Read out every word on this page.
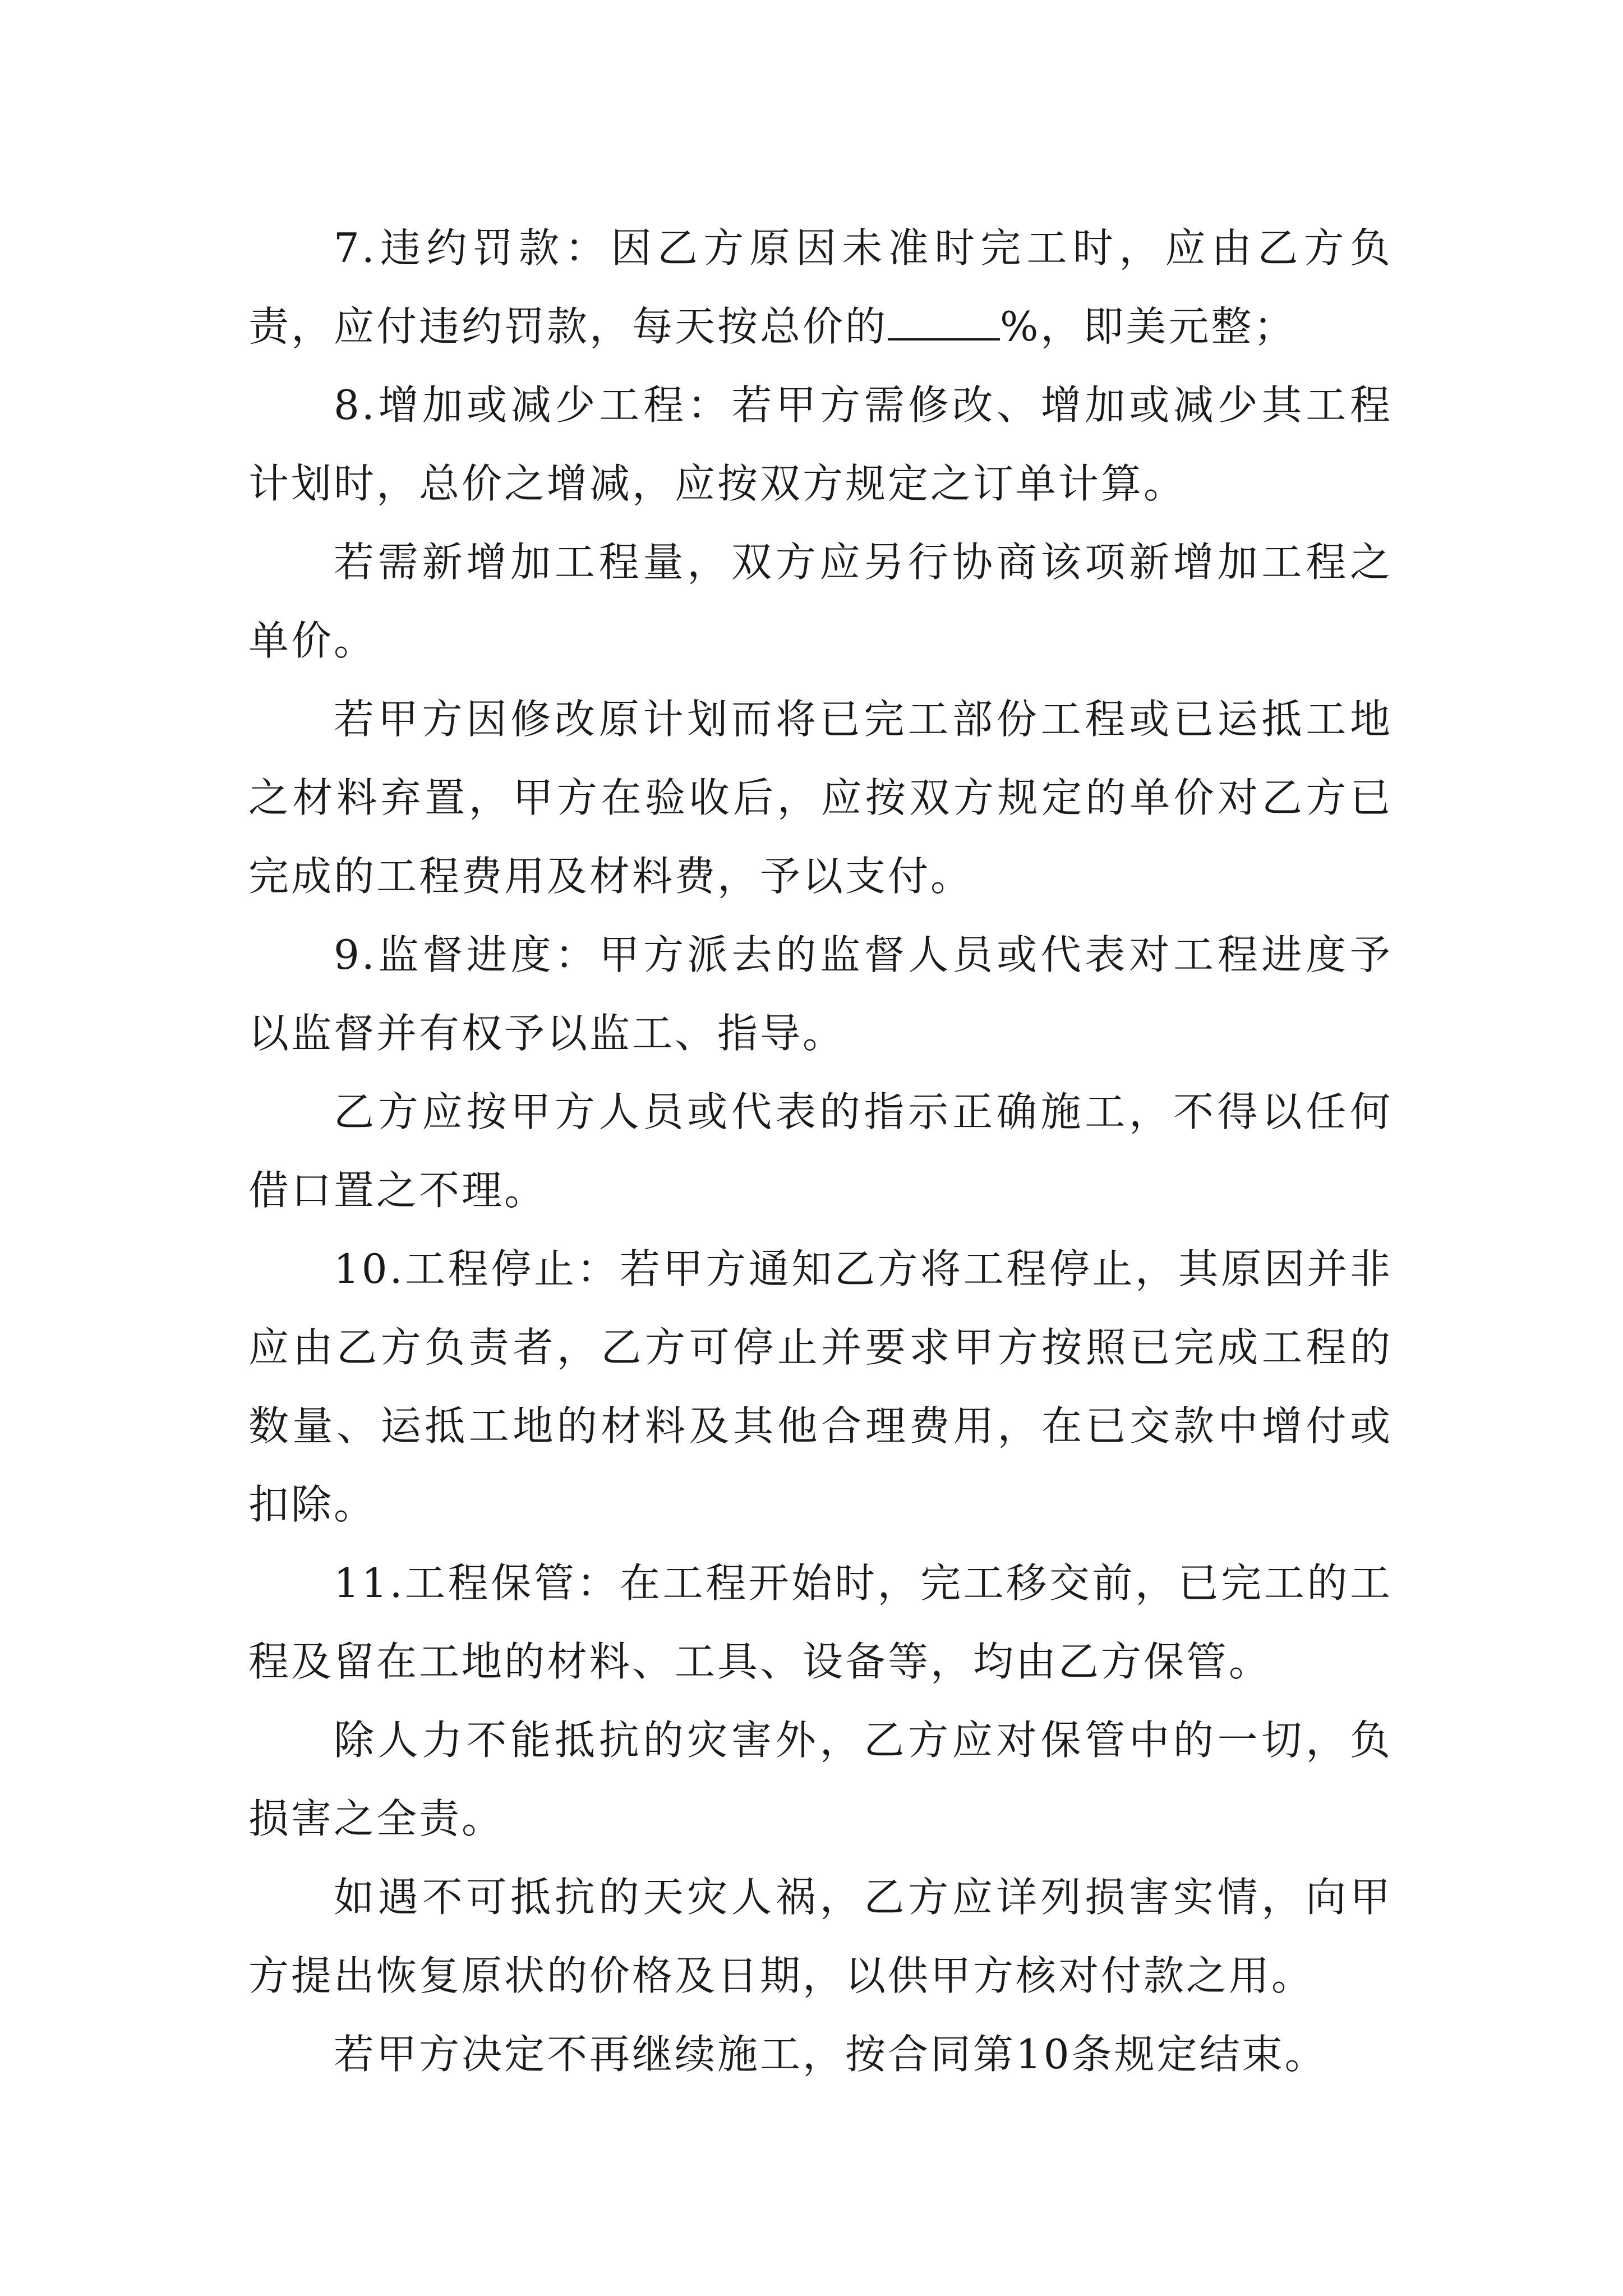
7.违约罚款：因乙方原因未准时完工时，应由乙方负责，应付违约罚款，每天按总价的	%，即美元整；

8.增加或减少工程：若甲方需修改、增加或减少其工程计划时，总价之增减，应按双方规定之订单计算。

若需新增加工程量，双方应另行协商该项新增加工程之单价。

若甲方因修改原计划而将已完工部份工程或已运抵工地之材料弃置，甲方在验收后，应按双方规定的单价对乙方已完成的工程费用及材料费，予以支付。

9.监督进度：甲方派去的监督人员或代表对工程进度予以监督并有权予以监工、指导。

乙方应按甲方人员或代表的指示正确施工，不得以任何借口置之不理。

10.工程停止：若甲方通知乙方将工程停止，其原因并非应由乙方负责者，乙方可停止并要求甲方按照已完成工程的数量、运抵工地的材料及其他合理费用，在已交款中增付或扣除。

11.工程保管：在工程开始时，完工移交前，已完工的工程及留在工地的材料、工具、设备等，均由乙方保管。

除人力不能抵抗的灾害外，乙方应对保管中的一切，负损害之全责。

如遇不可抵抗的天灾人祸，乙方应详列损害实情，向甲方提出恢复原状的价格及日期，以供甲方核对付款之用。

若甲方决定不再继续施工，按合同第10条规定结束。
